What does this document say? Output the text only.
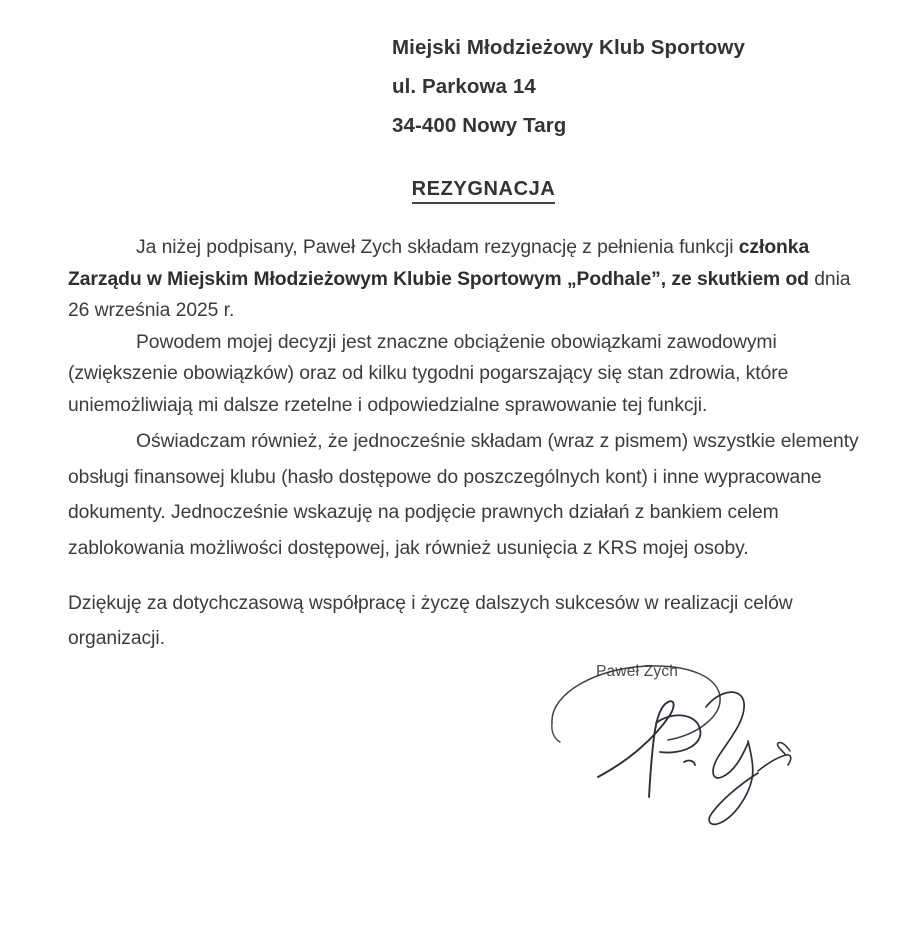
Miejski Młodzieżowy Klub Sportowy
ul. Parkowa 14
34-400 Nowy Targ
REZYGNACJA

Ja niżej podpisany, Paweł Zych składam rezygnację z pełnienia funkcji członka Zarządu w Miejskim Młodzieżowym Klubie Sportowym „Podhale”, ze skutkiem od dnia 26 września 2025 r.

Powodem mojej decyzji jest znaczne obciążenie obowiązkami zawodowymi (zwiększenie obowiązków) oraz od kilku tygodni pogarszający się stan zdrowia, które uniemożliwiają mi dalsze rzetelne i odpowiedzialne sprawowanie tej funkcji.

Oświadczam również, że jednocześnie składam (wraz z pismem) wszystkie elementy obsługi finansowej klubu (hasło dostępowe do poszczególnych kont) i inne wypracowane dokumenty. Jednocześnie wskazuję na podjęcie prawnych działań z bankiem celem zablokowania możliwości dostępowej, jak również usunięcia z KRS mojej osoby.

Dziękuję za dotychczasową współpracę i życzę dalszych sukcesów w realizacji celów organizacji.

Paweł Zych
